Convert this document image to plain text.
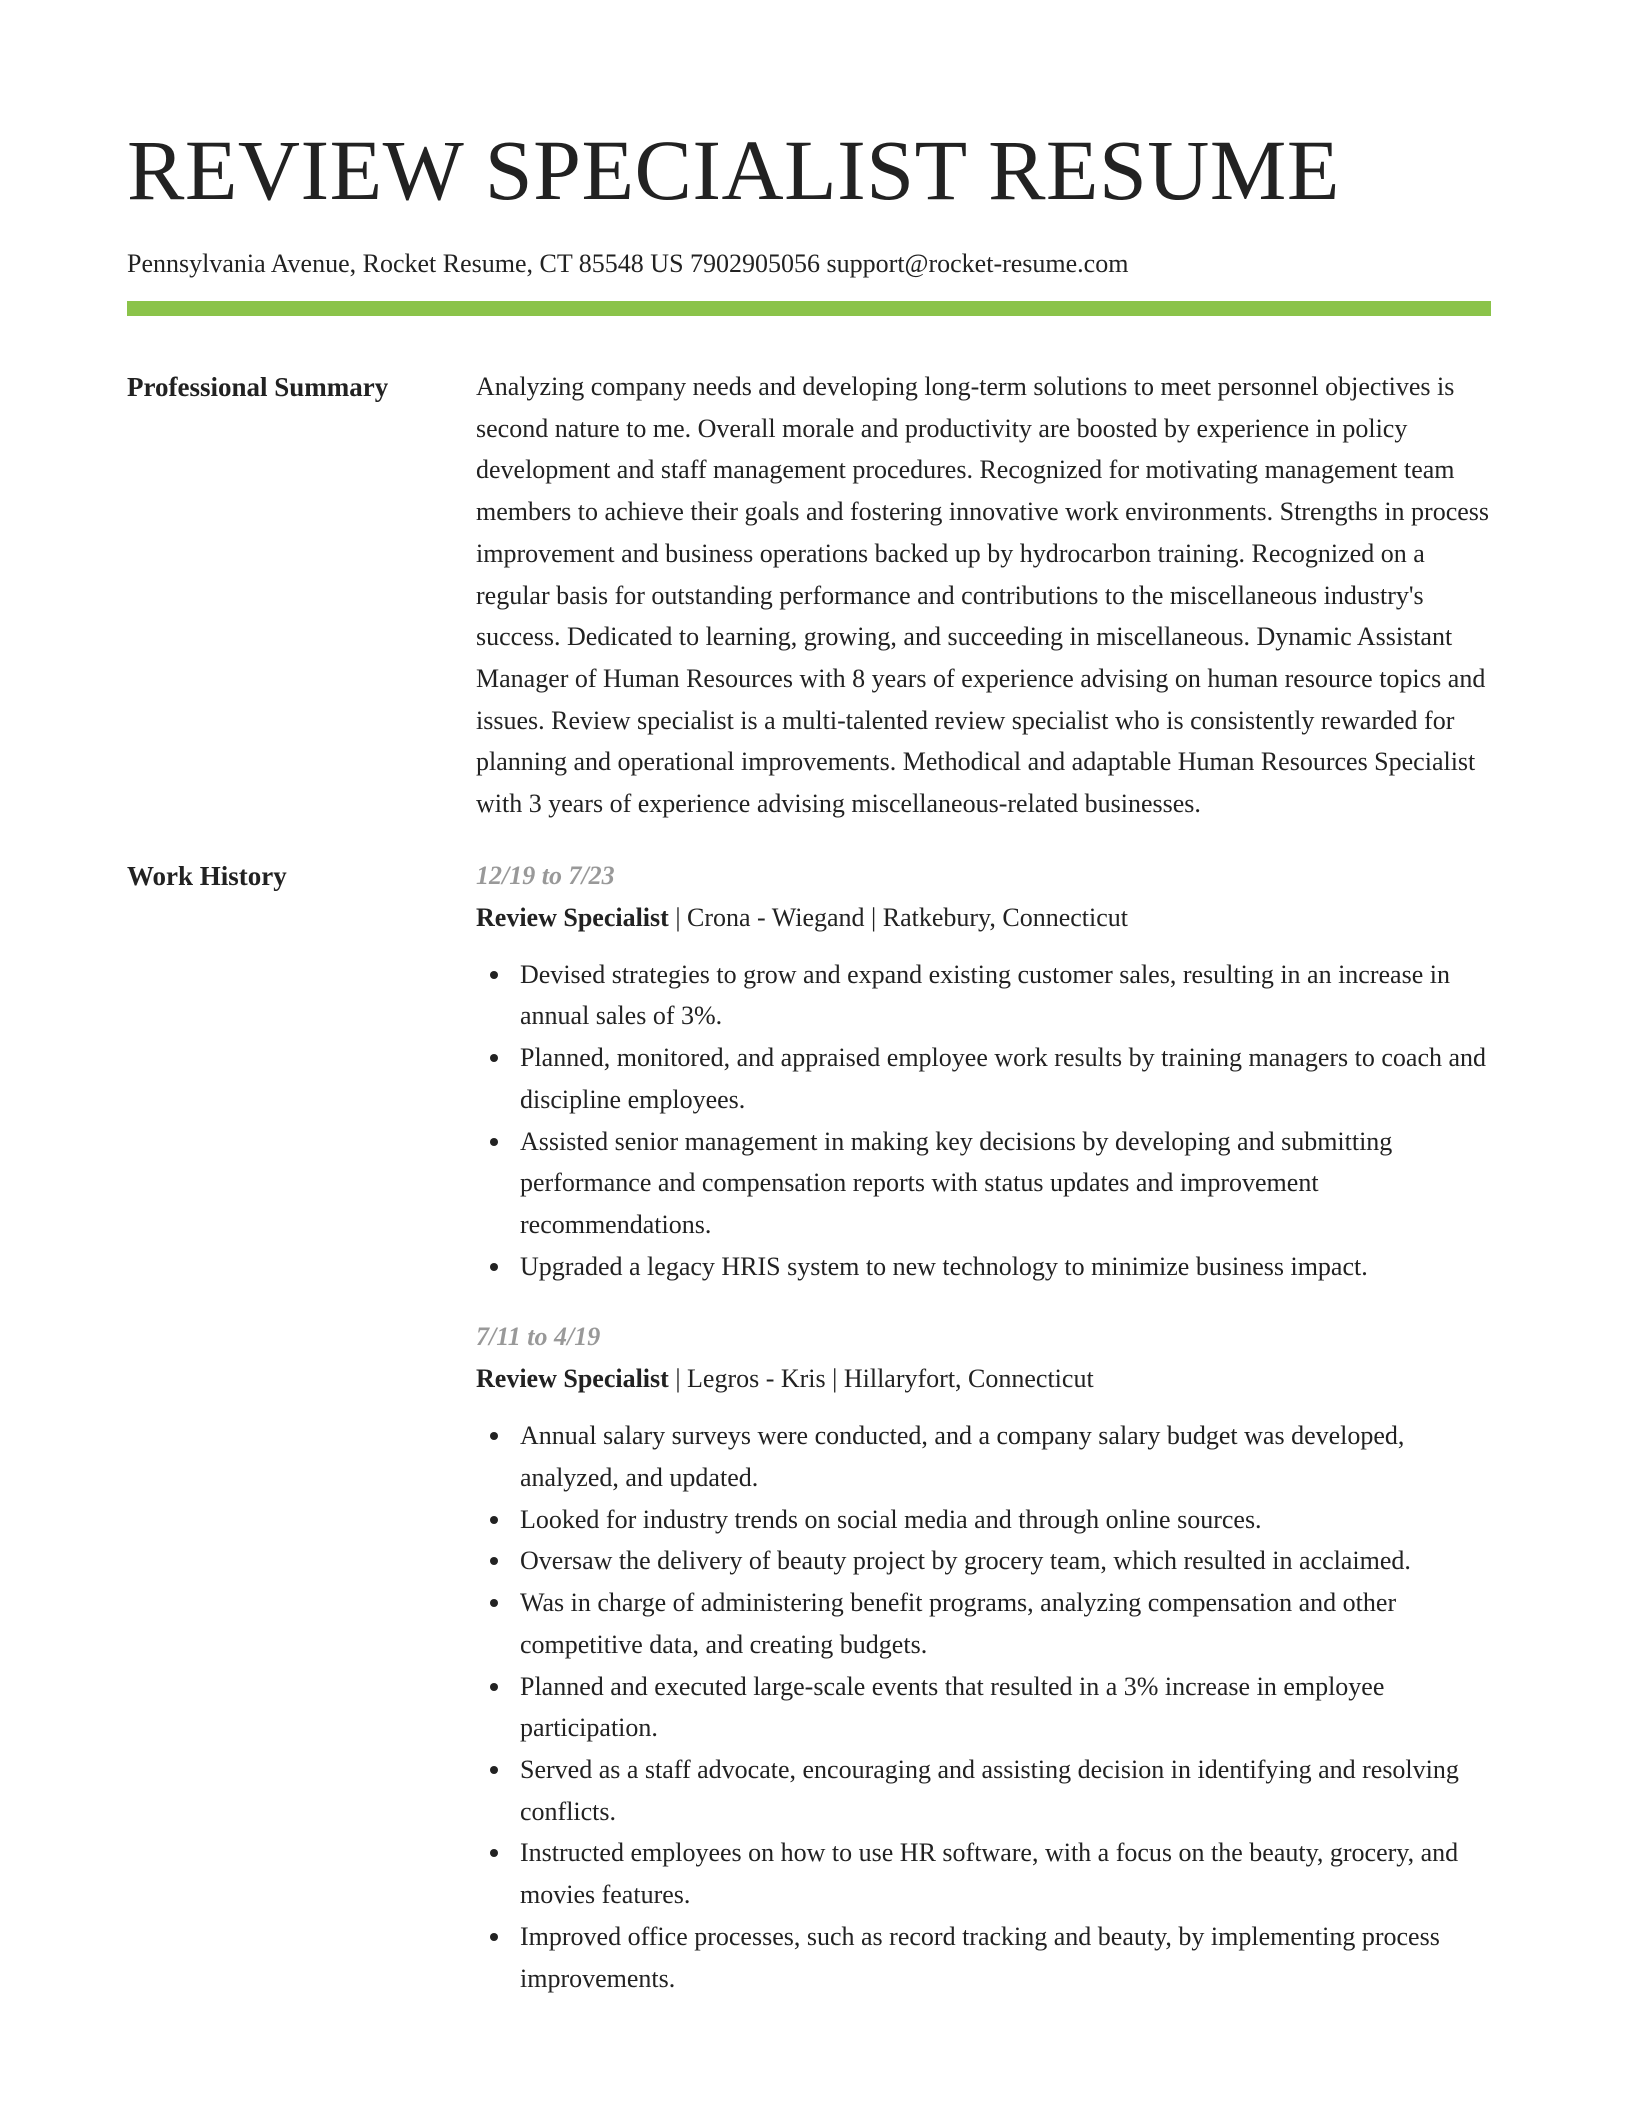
REVIEW SPECIALIST RESUME
Pennsylvania Avenue, Rocket Resume, CT 85548 US 7902905056 support@rocket-resume.com
Professional Summary	Analyzing company needs and developing long-term solutions to meet personnel objectives is second nature to me. Overall morale and productivity are boosted by experience in policy development and staff management procedures. Recognized for motivating management team members to achieve their goals and fostering innovative work environments. Strengths in process improvement and business operations backed up by hydrocarbon training. Recognized on a regular basis for outstanding performance and contributions to the miscellaneous industry's success. Dedicated to learning, growing, and succeeding in miscellaneous. Dynamic Assistant Manager of Human Resources with 8 years of experience advising on human resource topics and issues. Review specialist is a multi-talented review specialist who is consistently rewarded for planning and operational improvements. Methodical and adaptable Human Resources Specialist with 3 years of experience advising miscellaneous-related businesses.

Work History	12/19 to 7/23
Review Specialist | Crona - Wiegand | Ratkebury, Connecticut
Devised strategies to grow and expand existing customer sales, resulting in an increase in annual sales of 3%.
Planned, monitored, and appraised employee work results by training managers to coach and discipline employees.
Assisted senior management in making key decisions by developing and submitting performance and compensation reports with status updates and improvement recommendations.
Upgraded a legacy HRIS system to new technology to minimize business impact.
7/11 to 4/19
Review Specialist | Legros - Kris | Hillaryfort, Connecticut
Annual salary surveys were conducted, and a company salary budget was developed, analyzed, and updated.
Looked for industry trends on social media and through online sources.
Oversaw the delivery of beauty project by grocery team, which resulted in acclaimed.
Was in charge of administering benefit programs, analyzing compensation and other competitive data, and creating budgets.
Planned and executed large-scale events that resulted in a 3% increase in employee participation.
Served as a staff advocate, encouraging and assisting decision in identifying and resolving conflicts.
Instructed employees on how to use HR software, with a focus on the beauty, grocery, and movies features.
Improved office processes, such as record tracking and beauty, by implementing process improvements.
